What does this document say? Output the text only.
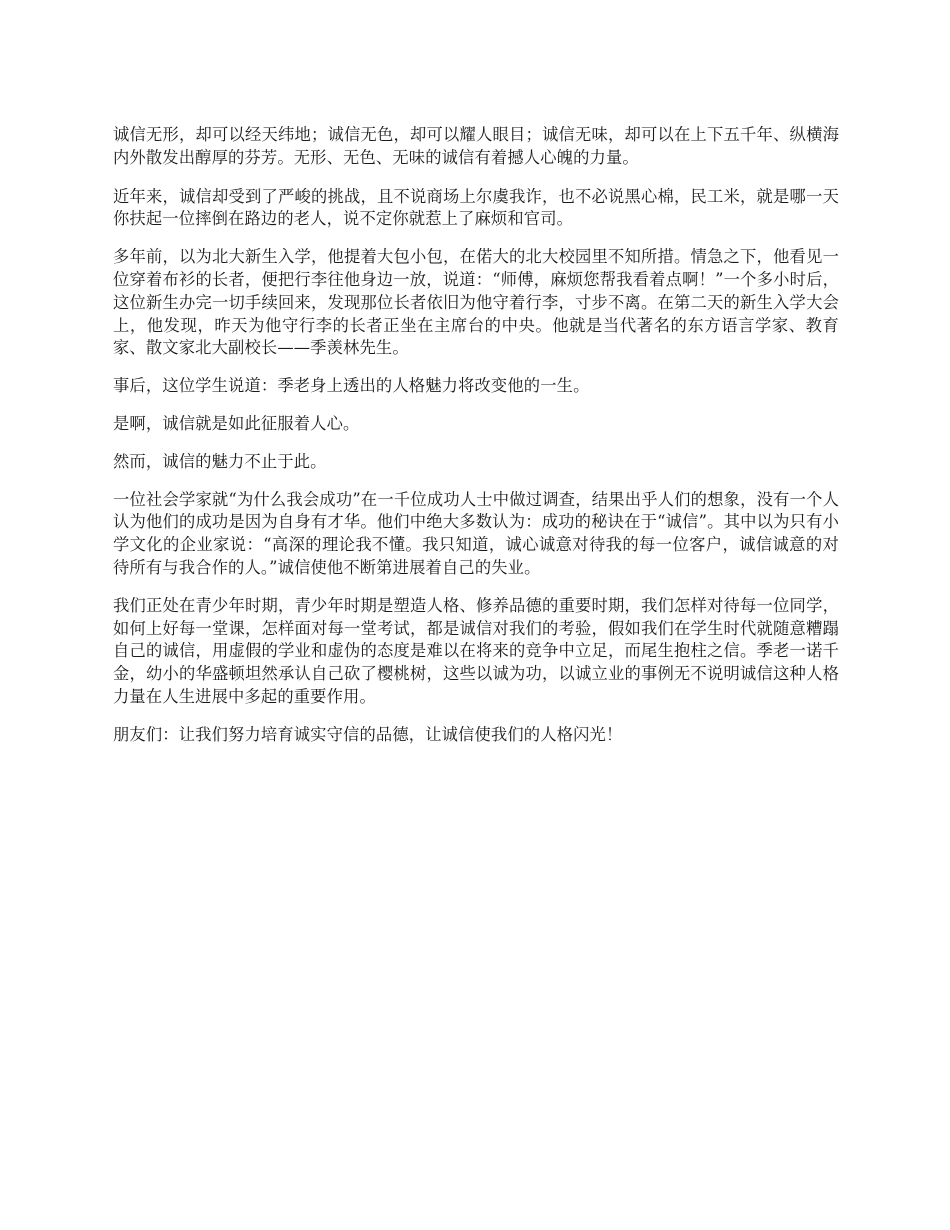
诚信无形，却可以经天纬地；诚信无色，却可以耀人眼目；诚信无味，却可以在上下五千年、纵横海内外散发出醇厚的芬芳。无形、无色、无味的诚信有着撼人心魄的力量。

近年来，诚信却受到了严峻的挑战，且不说商场上尔虞我诈，也不必说黑心棉，民工米，就是哪一天你扶起一位摔倒在路边的老人，说不定你就惹上了麻烦和官司。

多年前，以为北大新生入学，他提着大包小包，在偌大的北大校园里不知所措。情急之下，他看见一位穿着布衫的长者，便把行李往他身边一放，说道：“师傅，麻烦您帮我看着点啊！”一个多小时后，这位新生办完一切手续回来，发现那位长者依旧为他守着行李，寸步不离。在第二天的新生入学大会上，他发现，昨天为他守行李的长者正坐在主席台的中央。他就是当代著名的东方语言学家、教育家、散文家北大副校长——季羡林先生。

事后，这位学生说道：季老身上透出的人格魅力将改变他的一生。

是啊，诚信就是如此征服着人心。

然而，诚信的魅力不止于此。

一位社会学家就“为什么我会成功”在一千位成功人士中做过调查，结果出乎人们的想象，没有一个人认为他们的成功是因为自身有才华。他们中绝大多数认为：成功的秘诀在于“诚信”。其中以为只有小学文化的企业家说：“高深的理论我不懂。我只知道，诚心诚意对待我的每一位客户，诚信诚意的对待所有与我合作的人。”诚信使他不断第进展着自己的失业。

我们正处在青少年时期，青少年时期是塑造人格、修养品德的重要时期，我们怎样对待每一位同学，如何上好每一堂课，怎样面对每一堂考试，都是诚信对我们的考验，假如我们在学生时代就随意糟蹋自己的诚信，用虚假的学业和虚伪的态度是难以在将来的竞争中立足，而尾生抱柱之信。季老一诺千金，幼小的华盛顿坦然承认自己砍了樱桃树，这些以诚为功，以诚立业的事例无不说明诚信这种人格力量在人生进展中多起的重要作用。

朋友们：让我们努力培育诚实守信的品德，让诚信使我们的人格闪光！
